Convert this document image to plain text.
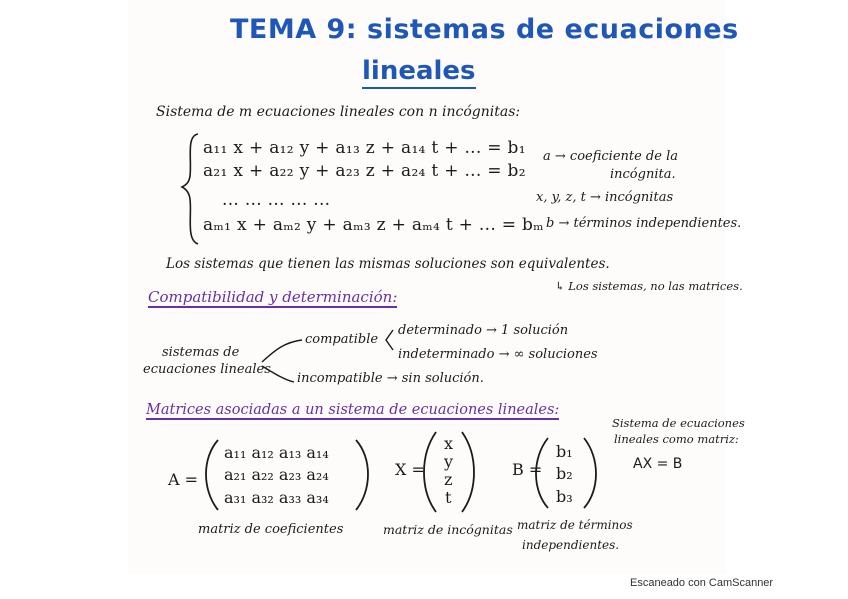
TEMA 9: sistemas de ecuaciones
lineales
Sistema de m ecuaciones lineales con n incógnitas:
a₁₁ x + a₁₂ y + a₁₃ z + a₁₄ t + ... = b₁
a₂₁ x + a₂₂ y + a₂₃ z + a₂₄ t + ... = b₂
... ... ... ... ...
aₘ₁ x + aₘ₂ y + aₘ₃ z + aₘ₄ t + ... = bₘ
a → coeficiente de la
incógnita.
x, y, z, t → incógnitas
b → términos independientes.
Los sistemas que tienen las mismas soluciones son equivalentes.
↳ Los sistemas, no las matrices.
Compatibilidad y determinación:
sistemas de
ecuaciones lineales
compatible
determinado → 1 solución
indeterminado → ∞ soluciones
incompatible → sin solución.
Matrices asociadas a un sistema de ecuaciones lineales:
Sistema de ecuaciones
lineales como matriz:
AX = B
A =
a₁₁ a₁₂ a₁₃ a₁₄
a₂₁ a₂₂ a₂₃ a₂₄
a₃₁ a₃₂ a₃₃ a₃₄
X =
x
y
z
t
B =
b₁
b₂
b₃
matriz de coeficientes	matriz de incógnitas matriz de términos
independientes.
Escaneado con CamScanner
